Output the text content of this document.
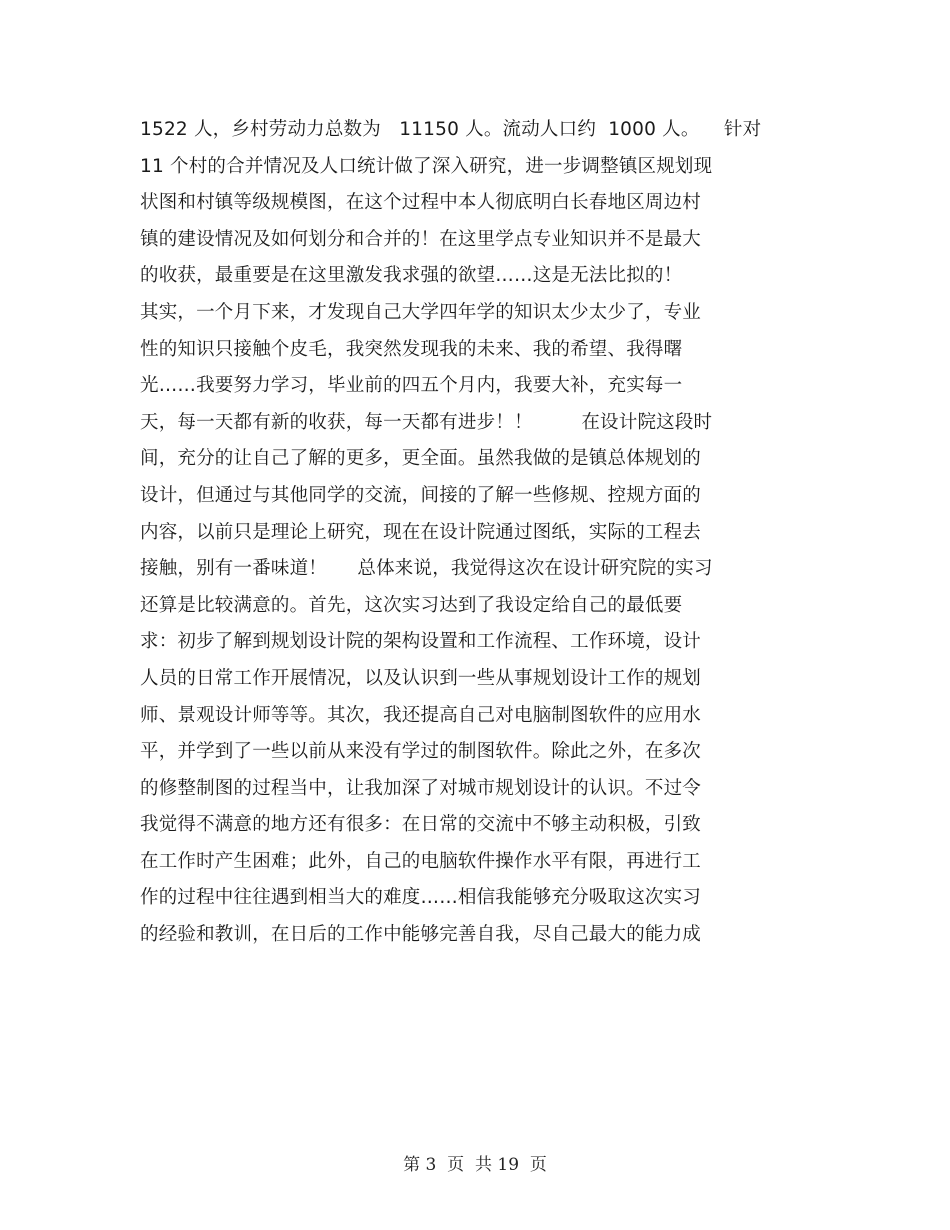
1522 人，乡村劳动力总数为   11150 人。流动人口约  1000 人。    针对
11 个村的合并情况及人口统计做了深入研究，进一步调整镇区规划现
状图和村镇等级规模图，在这个过程中本人彻底明白长春地区周边村
镇的建设情况及如何划分和合并的！在这里学点专业知识并不是最大
的收获，最重要是在这里激发我求强的欲望……这是无法比拟的！
其实，一个月下来，才发现自己大学四年学的知识太少太少了，专业
性的知识只接触个皮毛，我突然发现我的未来、我的希望、我得曙
光……我要努力学习，毕业前的四五个月内，我要大补，充实每一
天，每一天都有新的收获，每一天都有进步！！        在设计院这段时
间，充分的让自己了解的更多，更全面。虽然我做的是镇总体规划的
设计，但通过与其他同学的交流，间接的了解一些修规、控规方面的
内容，以前只是理论上研究，现在在设计院通过图纸，实际的工程去
接触，别有一番味道！     总体来说，我觉得这次在设计研究院的实习
还算是比较满意的。首先，这次实习达到了我设定给自己的最低要
求：初步了解到规划设计院的架构设置和工作流程、工作环境，设计
人员的日常工作开展情况，以及认识到一些从事规划设计工作的规划
师、景观设计师等等。其次，我还提高自己对电脑制图软件的应用水
平，并学到了一些以前从来没有学过的制图软件。除此之外，在多次
的修整制图的过程当中，让我加深了对城市规划设计的认识。不过令
我觉得不满意的地方还有很多：在日常的交流中不够主动积极，引致
在工作时产生困难；此外，自己的电脑软件操作水平有限，再进行工
作的过程中往往遇到相当大的难度……相信我能够充分吸取这次实习
的经验和教训，在日后的工作中能够完善自我，尽自己最大的能力成
第 3  页  共 19  页
